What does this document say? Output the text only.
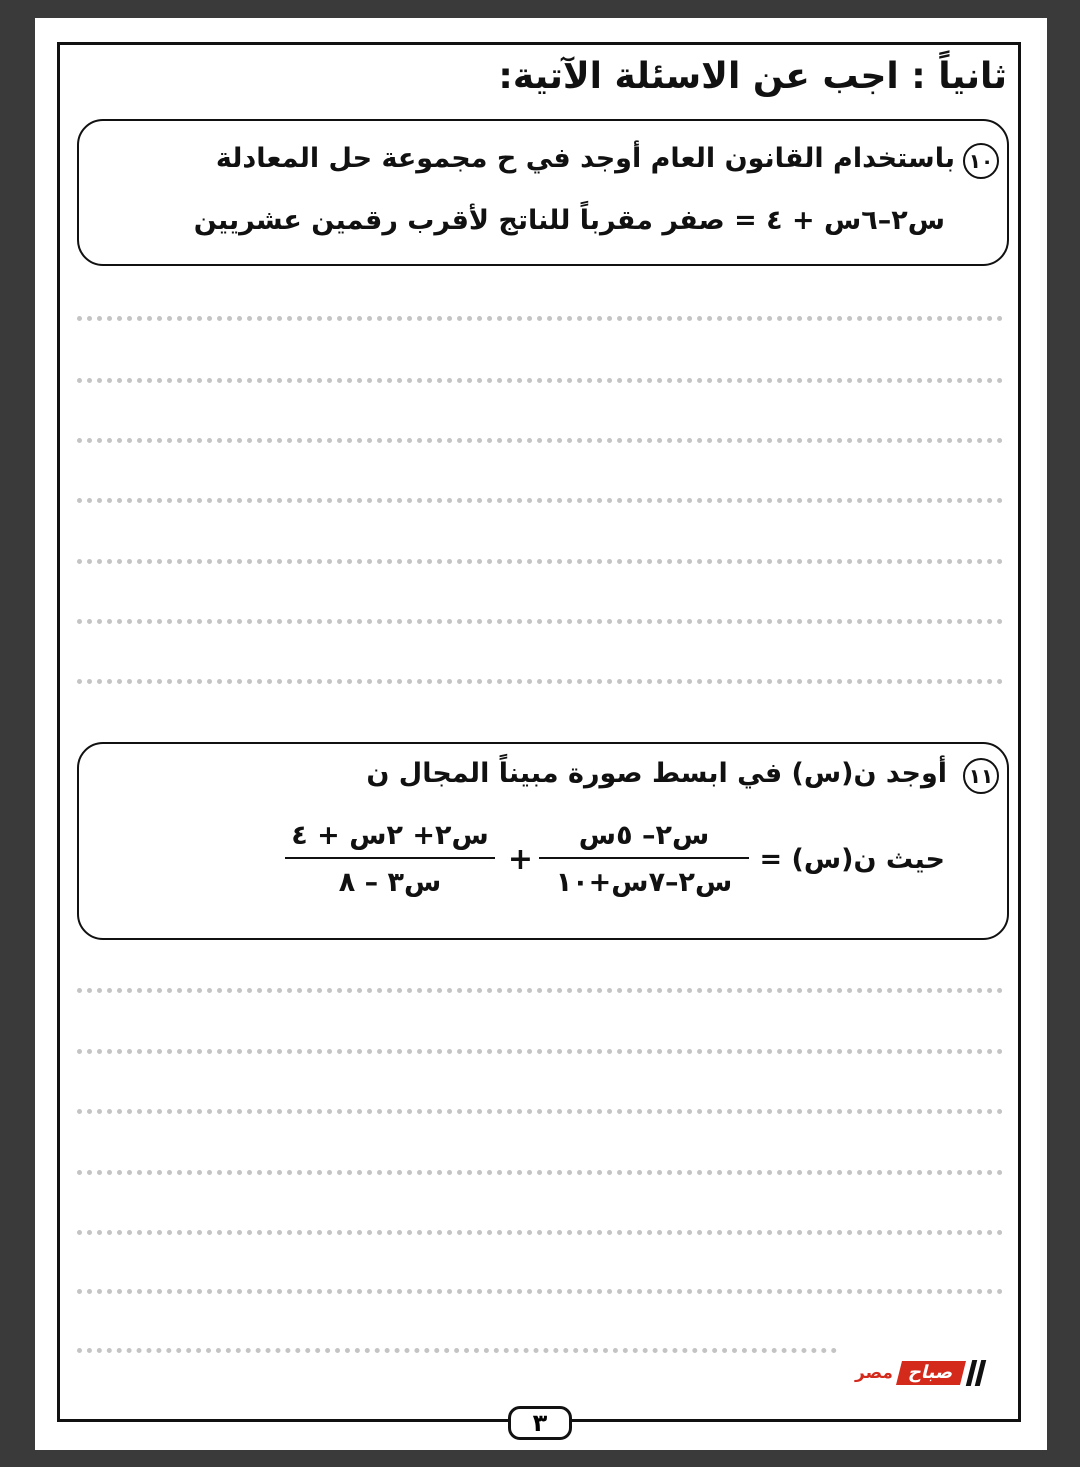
ثانياً : اجب عن الاسئلة الآتية:
١٠
باستخدام القانون العام أوجد في ح مجموعة حل المعادلة
س٢–٦س + ٤ = صفر مقرباً للناتج لأقرب رقمين عشريين
١١
أوجد ن(س) في ابسط صورة مبيناً المجال ن
حيث ن(س) =
س٢– ٥س
س٢–٧س+١٠
+
س٢+ ٢س + ٤
س٣ – ٨
مصر صباح
٣
